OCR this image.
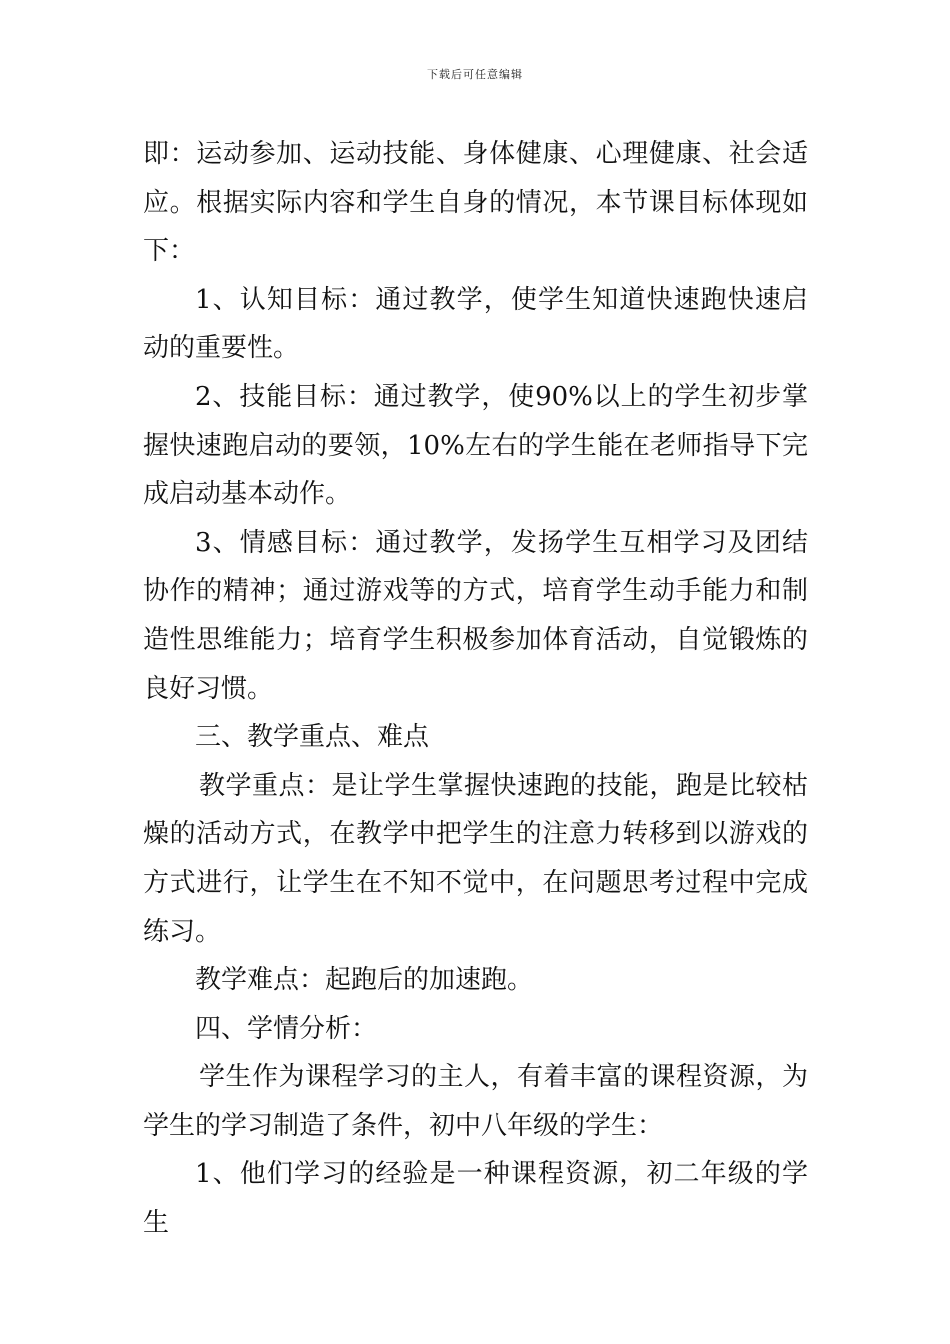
下载后可任意编辑

即：运动参加、运动技能、身体健康、心理健康、社会适应。根据实际内容和学生自身的情况，本节课目标体现如下：

1、认知目标：通过教学，使学生知道快速跑快速启动的重要性。

2、技能目标：通过教学，使90%以上的学生初步掌握快速跑启动的要领，10%左右的学生能在老师指导下完成启动基本动作。

3、情感目标：通过教学，发扬学生互相学习及团结协作的精神；通过游戏等的方式，培育学生动手能力和制造性思维能力；培育学生积极参加体育活动，自觉锻炼的良好习惯。

三、教学重点、难点

教学重点：是让学生掌握快速跑的技能，跑是比较枯燥的活动方式，在教学中把学生的注意力转移到以游戏的方式进行，让学生在不知不觉中，在问题思考过程中完成练习。

教学难点：起跑后的加速跑。

四、学情分析：

学生作为课程学习的主人，有着丰富的课程资源，为学生的学习制造了条件，初中八年级的学生：

1、他们学习的经验是一种课程资源，初二年级的学生
